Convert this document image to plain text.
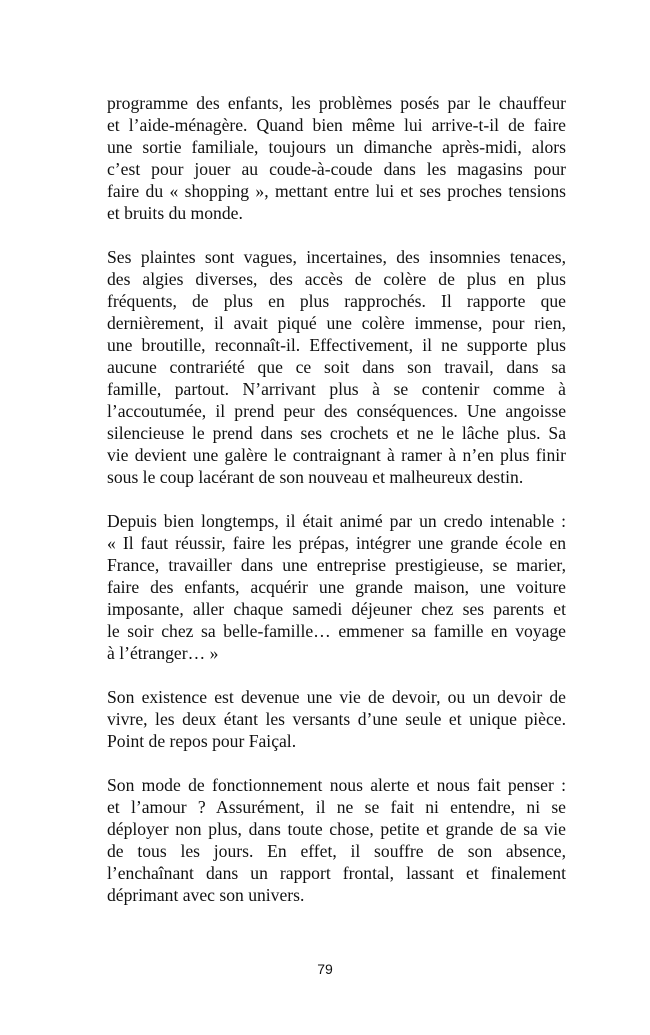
programme des enfants, les problèmes posés par le chauffeur
et l’aide-ménagère. Quand bien même lui arrive-t-il de faire
une sortie familiale, toujours un dimanche après-midi, alors
c’est pour jouer au coude-à-coude dans les magasins pour
faire du « shopping », mettant entre lui et ses proches tensions
et bruits du monde.

Ses plaintes sont vagues, incertaines, des insomnies tenaces,
des algies diverses, des accès de colère de plus en plus
fréquents, de plus en plus rapprochés. Il rapporte que
dernièrement, il avait piqué une colère immense, pour rien,
une broutille, reconnaît-il. Effectivement, il ne supporte plus
aucune contrariété que ce soit dans son travail, dans sa
famille, partout. N’arrivant plus à se contenir comme à
l’accoutumée, il prend peur des conséquences. Une angoisse
silencieuse le prend dans ses crochets et ne le lâche plus. Sa
vie devient une galère le contraignant à ramer à n’en plus finir
sous le coup lacérant de son nouveau et malheureux destin.

Depuis bien longtemps, il était animé par un credo intenable :
« Il faut réussir, faire les prépas, intégrer une grande école en
France, travailler dans une entreprise prestigieuse, se marier,
faire des enfants, acquérir une grande maison, une voiture
imposante, aller chaque samedi déjeuner chez ses parents et
le soir chez sa belle-famille… emmener sa famille en voyage
à l’étranger… »

Son existence est devenue une vie de devoir, ou un devoir de
vivre, les deux étant les versants d’une seule et unique pièce.
Point de repos pour Faiçal.

Son mode de fonctionnement nous alerte et nous fait penser :
et l’amour ? Assurément, il ne se fait ni entendre, ni se
déployer non plus, dans toute chose, petite et grande de sa vie
de tous les jours. En effet, il souffre de son absence,
l’enchaînant dans un rapport frontal, lassant et finalement
déprimant avec son univers.

79
